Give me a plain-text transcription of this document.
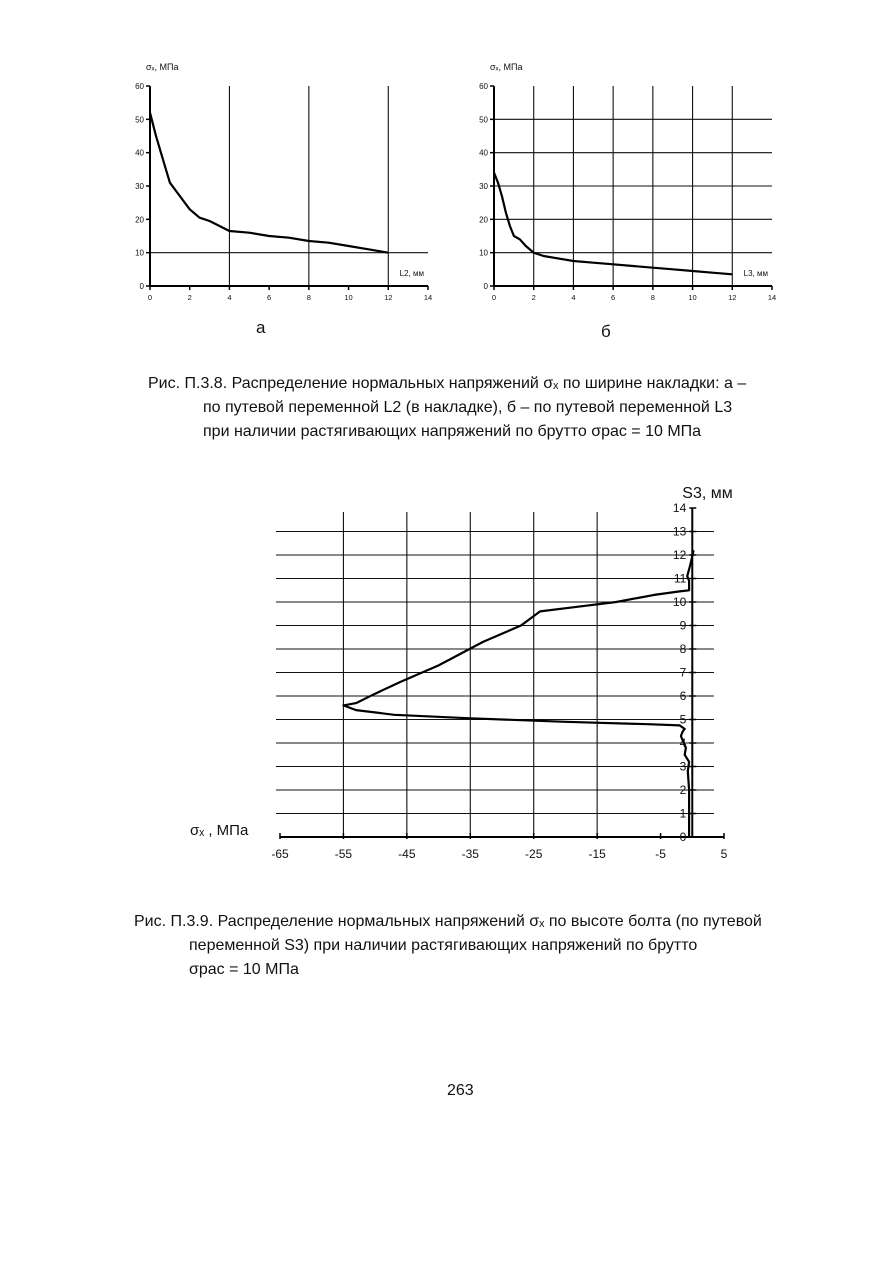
0
10
20
30
40
50
60
0	2	4	6	8	10	12	14
σₓ, МПа
L2, мм
0
10
20
30
40
50
60
0	2	4	6	8	10	12	14
σₓ, МПа
L3, мм
а	б

Рис. П.3.8. Распределение нормальных напряжений σₓ по ширине накладки: а –
по путевой переменной L2 (в накладке), б – по путевой переменной L3
при наличии растягивающих напряжений по брутто σрас = 10 МПа

-65	-55	-45	-35	-25	-15	-5	5
0
1
2
3
4
5
6
7
8
9
10
11
12
13
14
S3, мм
σₓ , МПа

Рис. П.3.9. Распределение нормальных напряжений σₓ по высоте болта (по путевой
переменной S3) при наличии растягивающих напряжений по брутто
σрас = 10 МПа

263
